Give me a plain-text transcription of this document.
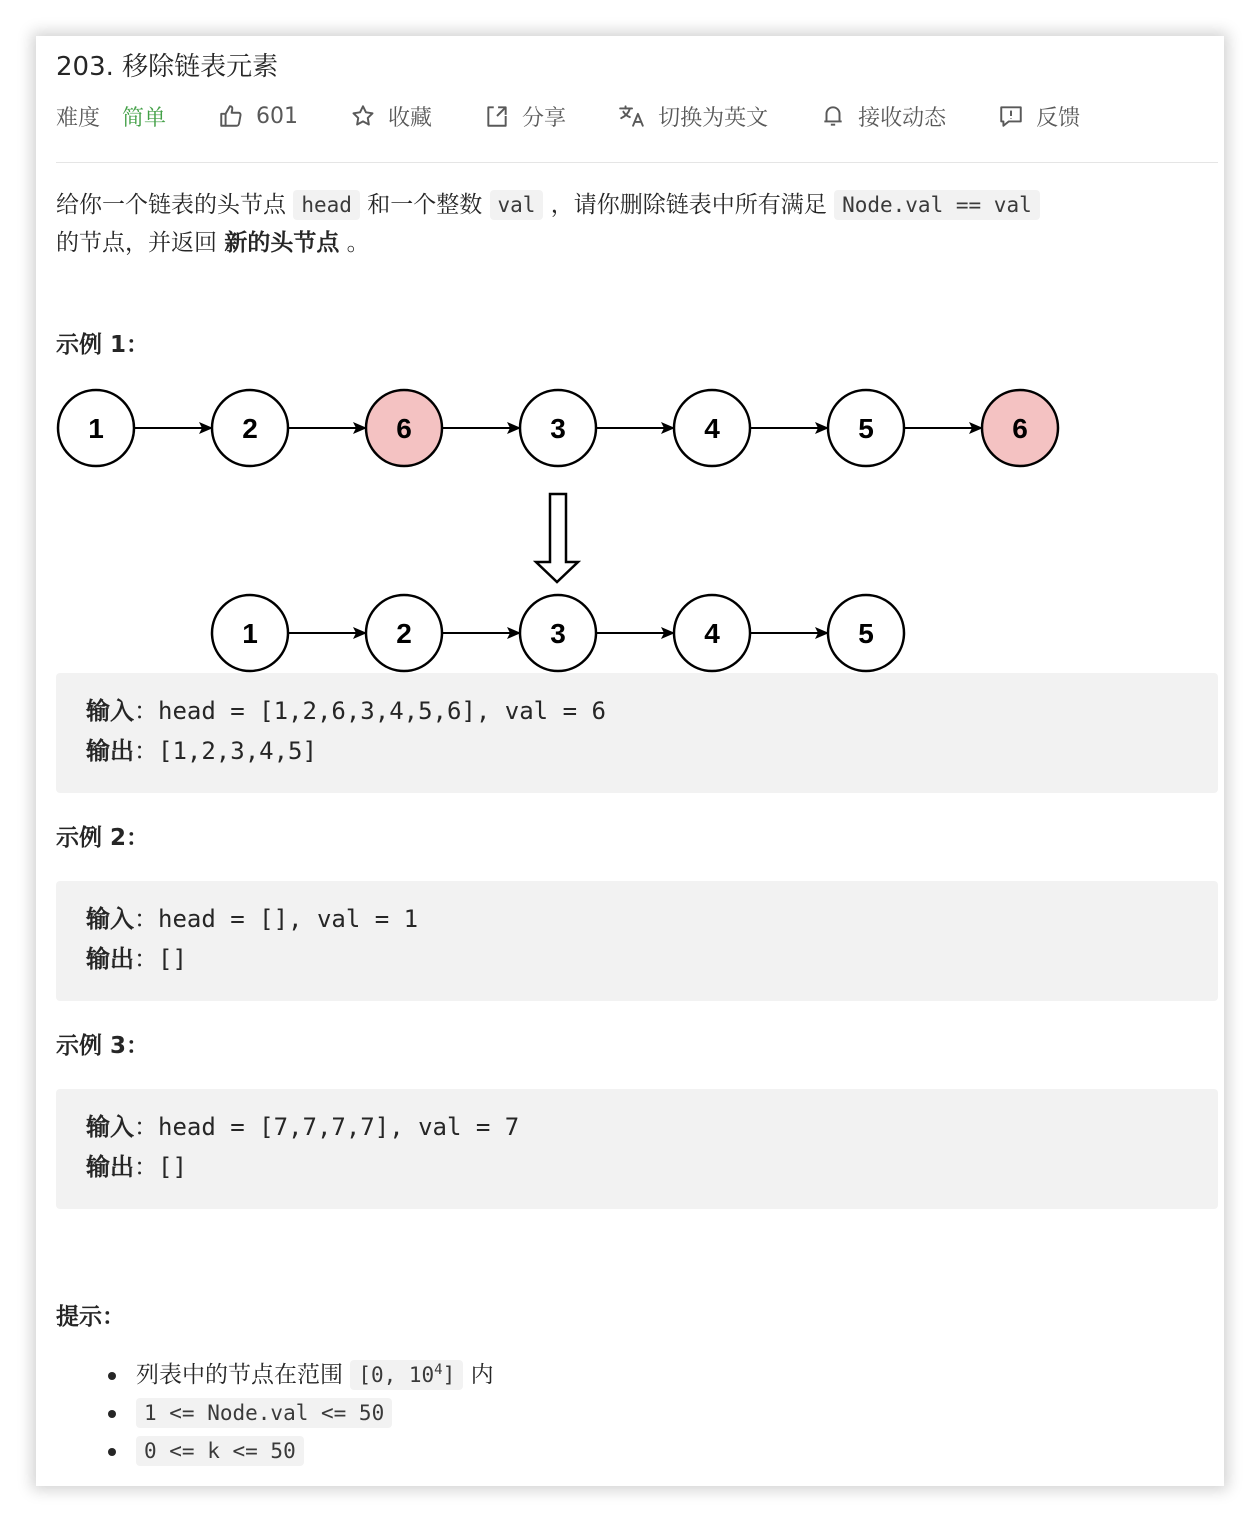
203. 移除链表元素
难度 简单	601	收藏	分享	切换为英文	接收动态	反馈
给你一个链表的头节点 head 和一个整数 val ，请你删除链表中所有满足 Node.val == val
的节点，并返回 新的头节点 。
示例 1：
1	2	6	3	4	5	6
1	2	3	4	5
输入：head = [1,2,6,3,4,5,6], val = 6
输出：[1,2,3,4,5]
示例 2：
输入：head = [], val = 1
输出：[]
示例 3：
输入：head = [7,7,7,7], val = 7
输出：[]
提示：
列表中的节点在范围 [0, $10^4$] 内
1 <= Node.val <= 50
0 <= k <= 50
